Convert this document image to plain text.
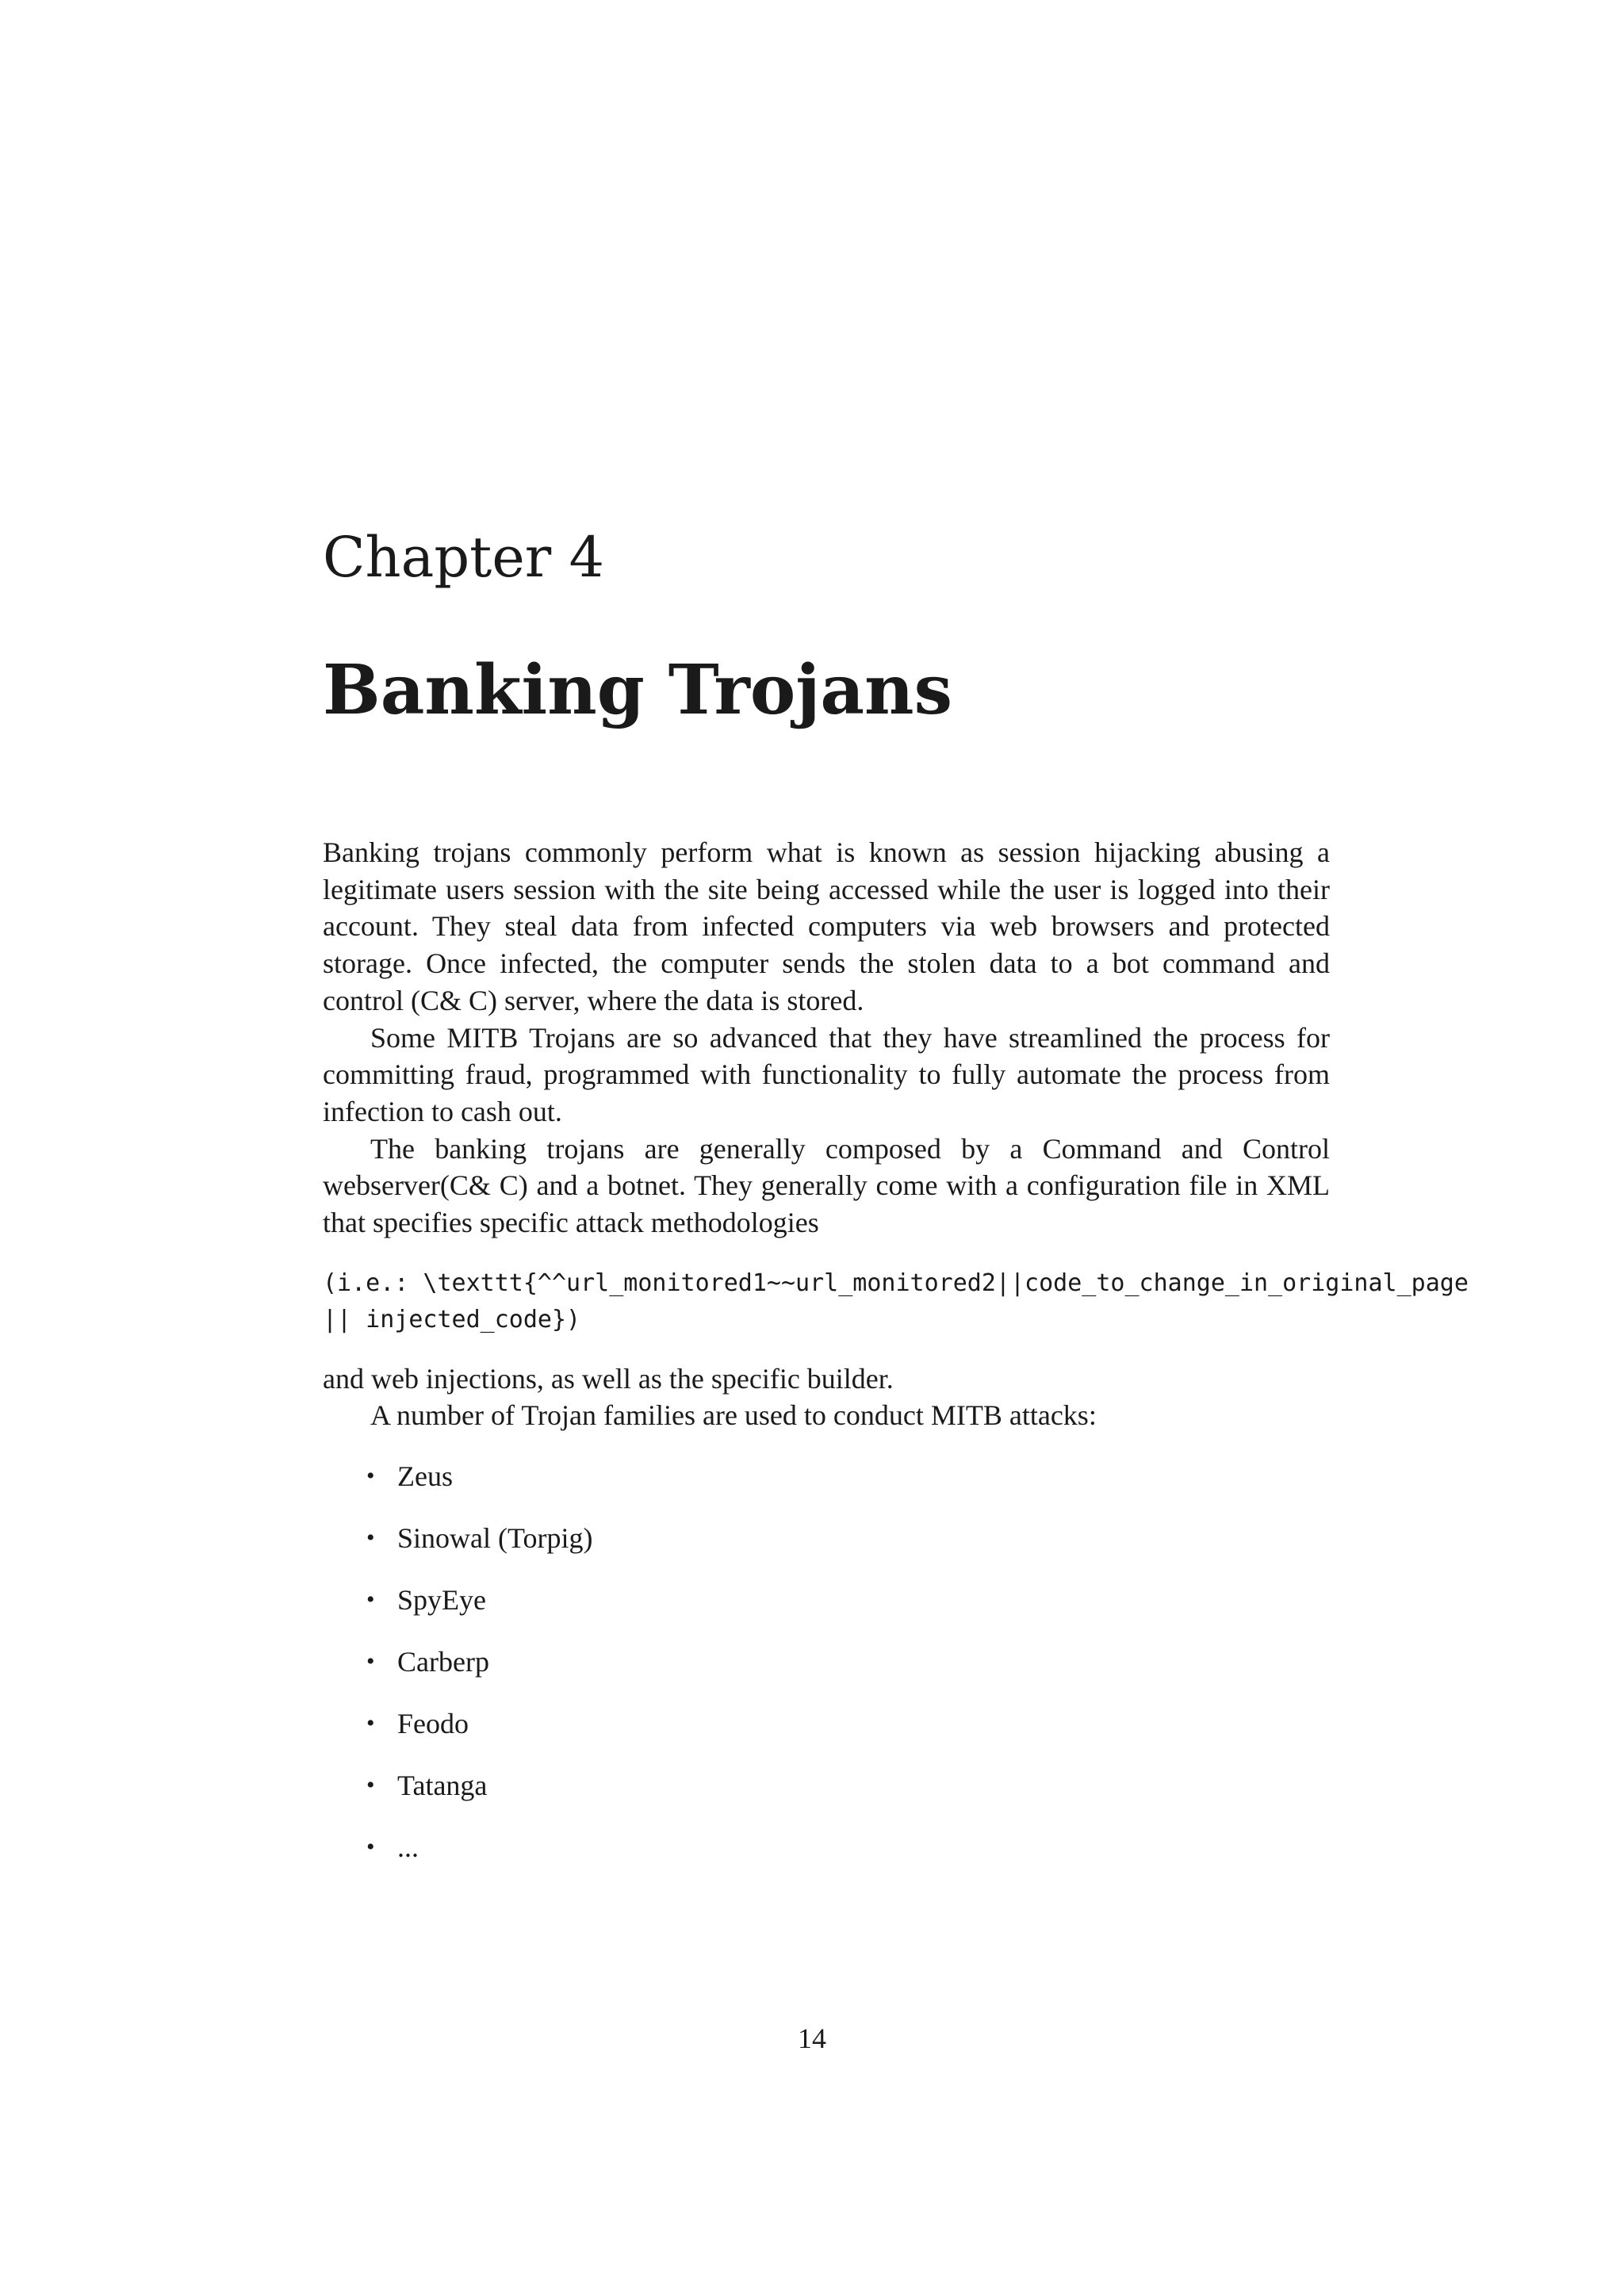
Chapter 4
Banking Trojans

Banking trojans commonly perform what is known as session hijacking abusing a legitimate users session with the site being accessed while the user is logged into their account. They steal data from infected computers via web browsers and protected storage. Once infected, the computer sends the stolen data to a bot command and control (C& C) server, where the data is stored.

Some MITB Trojans are so advanced that they have streamlined the process for committing fraud, programmed with functionality to fully automate the process from infection to cash out.

The banking trojans are generally composed by a Command and Control webserver(C& C) and a botnet. They generally come with a configuration file in XML that specifies specific attack methodologies

(i.e.: \texttt{^^url_monitored1~~url_monitored2||code_to_change_in_original_page
|| injected_code})

and web injections, as well as the specific builder.

A number of Trojan families are used to conduct MITB attacks:

• Zeus
• Sinowal (Torpig)
• SpyEye
• Carberp
• Feodo
• Tatanga
• ...
14
